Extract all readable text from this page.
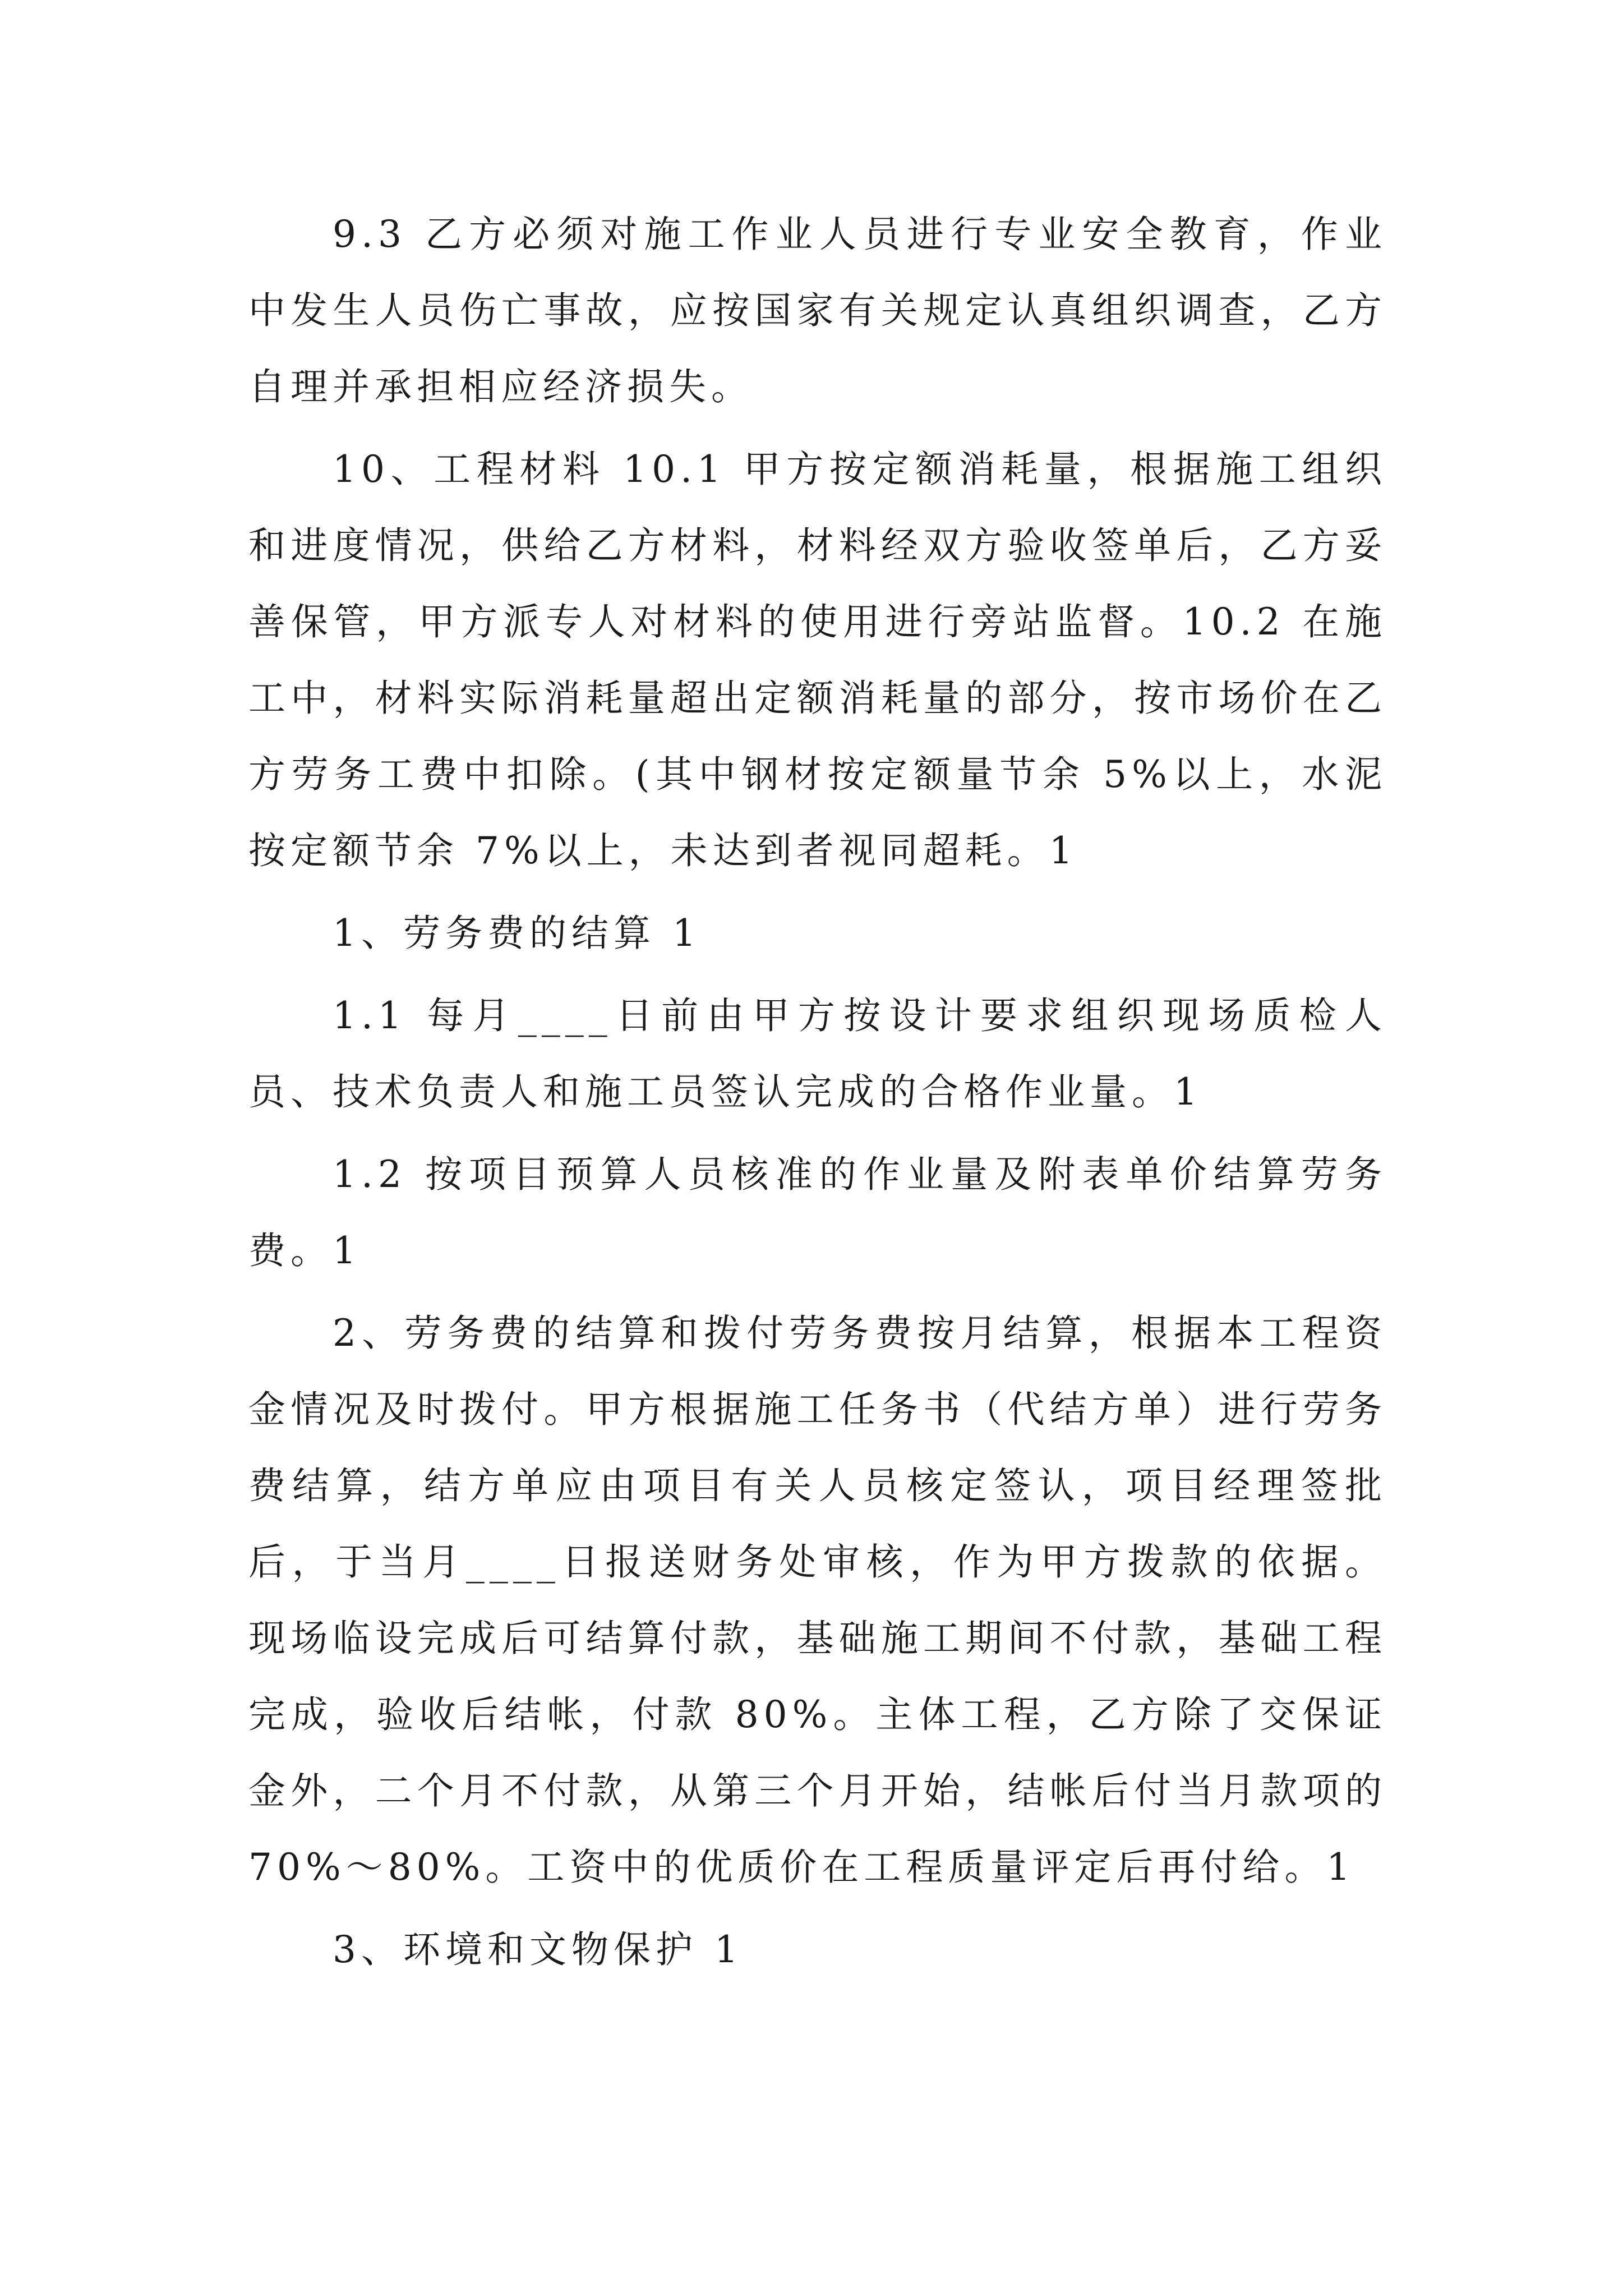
9.3 乙方必须对施工作业人员进行专业安全教育，作业中发生人员伤亡事故，应按国家有关规定认真组织调查，乙方自理并承担相应经济损失。

10、工程材料 10.1 甲方按定额消耗量，根据施工组织和进度情况，供给乙方材料，材料经双方验收签单后，乙方妥善保管，甲方派专人对材料的使用进行旁站监督。10.2 在施工中，材料实际消耗量超出定额消耗量的部分，按市场价在乙方劳务工费中扣除。(其中钢材按定额量节余 5%以上，水泥按定额节余 7%以上，未达到者视同超耗。1

1、劳务费的结算 1

1.1 每月____日前由甲方按设计要求组织现场质检人员、技术负责人和施工员签认完成的合格作业量。1

1.2 按项目预算人员核准的作业量及附表单价结算劳务费。1

2、劳务费的结算和拨付劳务费按月结算，根据本工程资金情况及时拨付。甲方根据施工任务书（代结方单）进行劳务费结算，结方单应由项目有关人员核定签认，项目经理签批后，于当月____日报送财务处审核，作为甲方拨款的依据。现场临设完成后可结算付款，基础施工期间不付款，基础工程完成，验收后结帐，付款 80%。主体工程，乙方除了交保证金外，二个月不付款，从第三个月开始，结帐后付当月款项的 70%～80%。工资中的优质价在工程质量评定后再付给。1

3、环境和文物保护 1
